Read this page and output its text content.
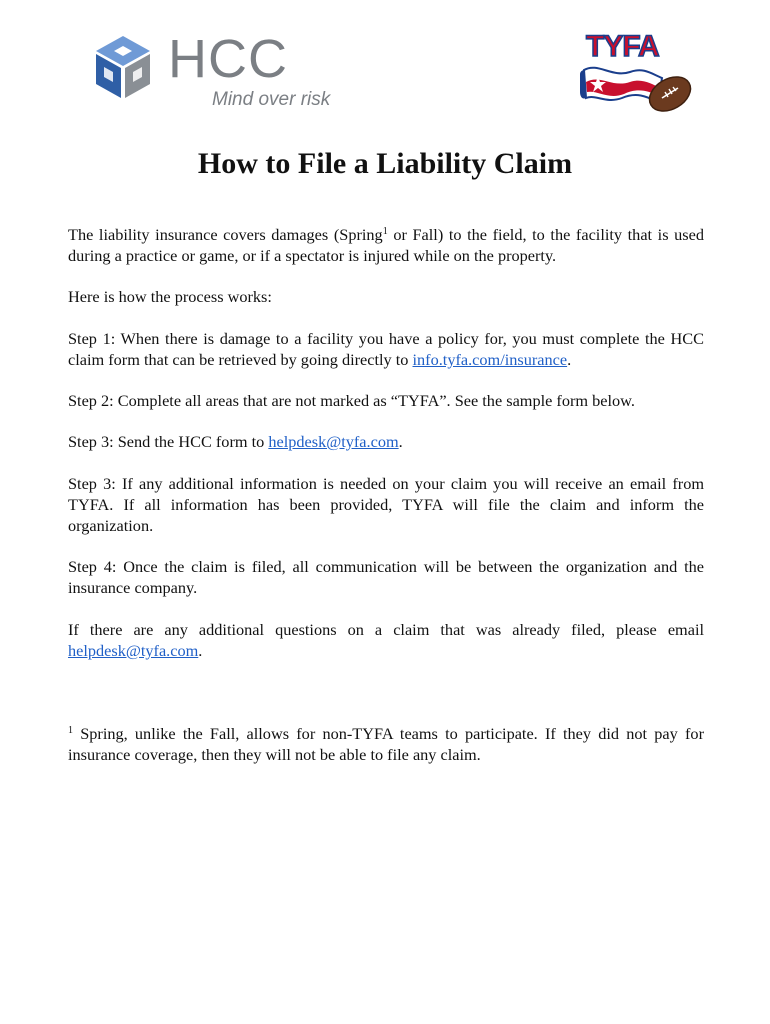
HCC
Mind over risk
TYFA
How to File a Liability Claim
The liability insurance covers damages (Spring$^1$ or Fall) to the field, to the facility that is used during a practice or game, or if a spectator is injured while on the property.
Here is how the process works:
Step 1: When there is damage to a facility you have a policy for, you must complete the HCC claim form that can be retrieved by going directly to info.tyfa.com/insurance.
Step 2: Complete all areas that are not marked as “TYFA”. See the sample form below.
Step 3: Send the HCC form to helpdesk@tyfa.com.
Step 3: If any additional information is needed on your claim you will receive an email from TYFA. If all information has been provided, TYFA will file the claim and inform the organization.
Step 4: Once the claim is filed, all communication will be between the organization and the insurance company.
If there are any additional questions on a claim that was already filed, please email helpdesk@tyfa.com.
$^1$ Spring, unlike the Fall, allows for non-TYFA teams to participate. If they did not pay for insurance coverage, then they will not be able to file any claim.
